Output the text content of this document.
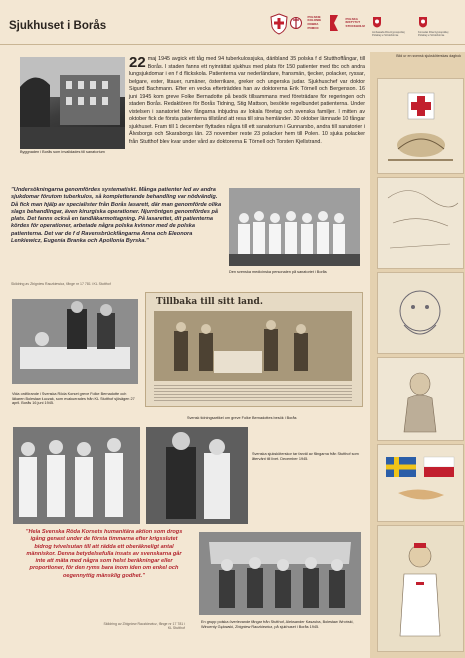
Sjukhuset i Borås
POLSKIE KOLONIE DOBRA POMOC
POLSKA INSTYTUT STOCKHOLM
Ambasada Rzeczypospolitej Polskiej w Sztokholmie
Konsulat Rzeczypospolitej Polskiej w Sztokholmie
Bild ur en svensk sjuksköterskas dagbok
Byggnaden i Borås som invalidades till sanatorium
22 maj 1945 avgick ett tåg med 94 tuberkulossjuka, däribland 35 polska f d Stutthoffångar, till Borås. I staden fanns ett nyinrättat sjukhus med plats för 150 patienter med tbc och andra lungsjukdomar i en f d flickskola. Patienterna var nederländare, fransmän, tjecker, polacker, ryssar, belgare, ester, litauer, rumäner, österrikare, greker och ungerska judar. Sjukhuschef var doktor Sigurd Bachmann. Efter en vecka efterträddes han av doktorerna Erik Törnell och Bergenson. 16 juni 1945 kom greve Folke Bernadotte på besök tillsammans med företrädare för regeringen och staden Borås. Redaktören för Borås Tidning, Stig Mattson, besökte regelbundet patienterna. Under vistelsen i sanatoriet blev fångarna inbjudna av lokala företag och svenska familjer. I mitten av oktober fick de första patienterna tillstånd att resa till sina hemländer. 30 oktober lämnade 10 fångar sjukhuset. Fram till 1 december flyttades några till ett sanatorium i Gunnarsbo, andra till sanatorier i Älvsborgs och Skaraborgs län. 23 november reste 23 polacker hem till Polen. 10 sjuka polacker från Stutthof blev kvar under vård av doktorerna E Törnell och Torsten Kjellstrand.
”Undersökningarna genomfördes systematiskt. Många patienter led av andra sjukdomar förutom tuberkulos, så kompletterande behandling var nödvändig. Då fick man hjälp av specialister från Borås lasarett, där man genomförde olika slags behandlingar, även kirurgiska operationer. Njurröntgen genomfördes på plats. Det fanns också en tandläkarmottagning. På lasarettet, dit patienterna kördes för operationer, arbetade några polska kvinnor med de polska patienterna. Det var de f d Ravensbrückfångarna Anna och Eleonora Lenkiewicz, Eugenia Branka och Apollonia Byrska.”
Skildring av Zbigniew Raczkiewicz, fånge nr 17 781 i KL Stutthof
Den svenska medicinska personalen på sanatoriet i Borås
Vida ordförande i Svenska Röda Korset greve Folke Bernadotte och läkaren Bolesław Łuczak, som evakuerades från KL Stutthof sjösägen 27 april. Borås 16 juni 1945.
Tillbaka till sitt land.
Svensk tidningsartikel om greve Folke Bernadottes besök i Borås
Svenska sjuksköterskor tar farväl av fångarna från Stutthof som återvänt till livet. December 1945.
”Hela Svenska Röda Korsets humanitära aktion som drogs igång genast under de första timmarna efter krigsslutet bidrog tvivelsutan till att rädda ett oberäkneligt antal människor. Denna betydelsefulla insats av svenskarna går inte att mäta med några som helst beräkningar eller proportioner, för den ryms bara inom iden om enkel och oegennyttig mänsklig godhet.”
Skildring av Zbigniew Raczkiewicz, fånge nr 17 781 i KL Stutthof
En grupp polska överlevande fångar från Stutthof, Aleksander Kaszuba, Bolesław Wroński, Wincenty Gęłowski, Zbigniew Raczkiewicz, på sjukhuset i Borås 1945.
